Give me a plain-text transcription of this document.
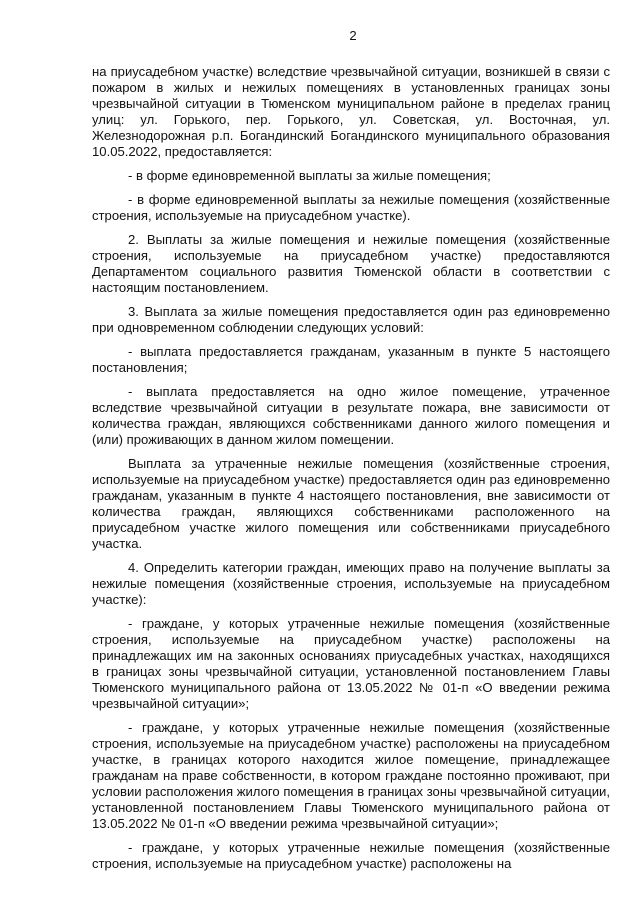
2

на приусадебном участке) вследствие чрезвычайной ситуации, возникшей в связи с пожаром в жилых и нежилых помещениях в установленных границах зоны чрезвычайной ситуации в Тюменском муниципальном районе в пределах границ улиц: ул. Горького, пер. Горького, ул. Советская, ул. Восточная, ул. Железнодорожная р.п. Богандинский Богандинского муниципального образования 10.05.2022, предоставляется:

- в форме единовременной выплаты за жилые помещения;

- в форме единовременной выплаты за нежилые помещения (хозяйственные строения, используемые на приусадебном участке).

2. Выплаты за жилые помещения и нежилые помещения (хозяйственные строения, используемые на приусадебном участке) предоставляются Департаментом социального развития Тюменской области в соответствии с настоящим постановлением.

3. Выплата за жилые помещения предоставляется один раз единовременно при одновременном соблюдении следующих условий:

- выплата предоставляется гражданам, указанным в пункте 5 настоящего постановления;

- выплата предоставляется на одно жилое помещение, утраченное вследствие чрезвычайной ситуации в результате пожара, вне зависимости от количества граждан, являющихся собственниками данного жилого помещения и (или) проживающих в данном жилом помещении.

Выплата за утраченные нежилые помещения (хозяйственные строения, используемые на приусадебном участке) предоставляется один раз единовременно гражданам, указанным в пункте 4 настоящего постановления, вне зависимости от количества граждан, являющихся собственниками расположенного на приусадебном участке жилого помещения или собственниками приусадебного участка.

4. Определить категории граждан, имеющих право на получение выплаты за нежилые помещения (хозяйственные строения, используемые на приусадебном участке):

- граждане, у которых утраченные нежилые помещения (хозяйственные строения, используемые на приусадебном участке) расположены на принадлежащих им на законных основаниях приусадебных участках, находящихся в границах зоны чрезвычайной ситуации, установленной постановлением Главы Тюменского муниципального района от 13.05.2022 № 01-п «О введении режима чрезвычайной ситуации»;

- граждане, у которых утраченные нежилые помещения (хозяйственные строения, используемые на приусадебном участке) расположены на приусадебном участке, в границах которого находится жилое помещение, принадлежащее гражданам на праве собственности, в котором граждане постоянно проживают, при условии расположения жилого помещения в границах зоны чрезвычайной ситуации, установленной постановлением Главы Тюменского муниципального района от 13.05.2022 № 01-п «О введении режима чрезвычайной ситуации»;

- граждане, у которых утраченные нежилые помещения (хозяйственные строения, используемые на приусадебном участке) расположены на
